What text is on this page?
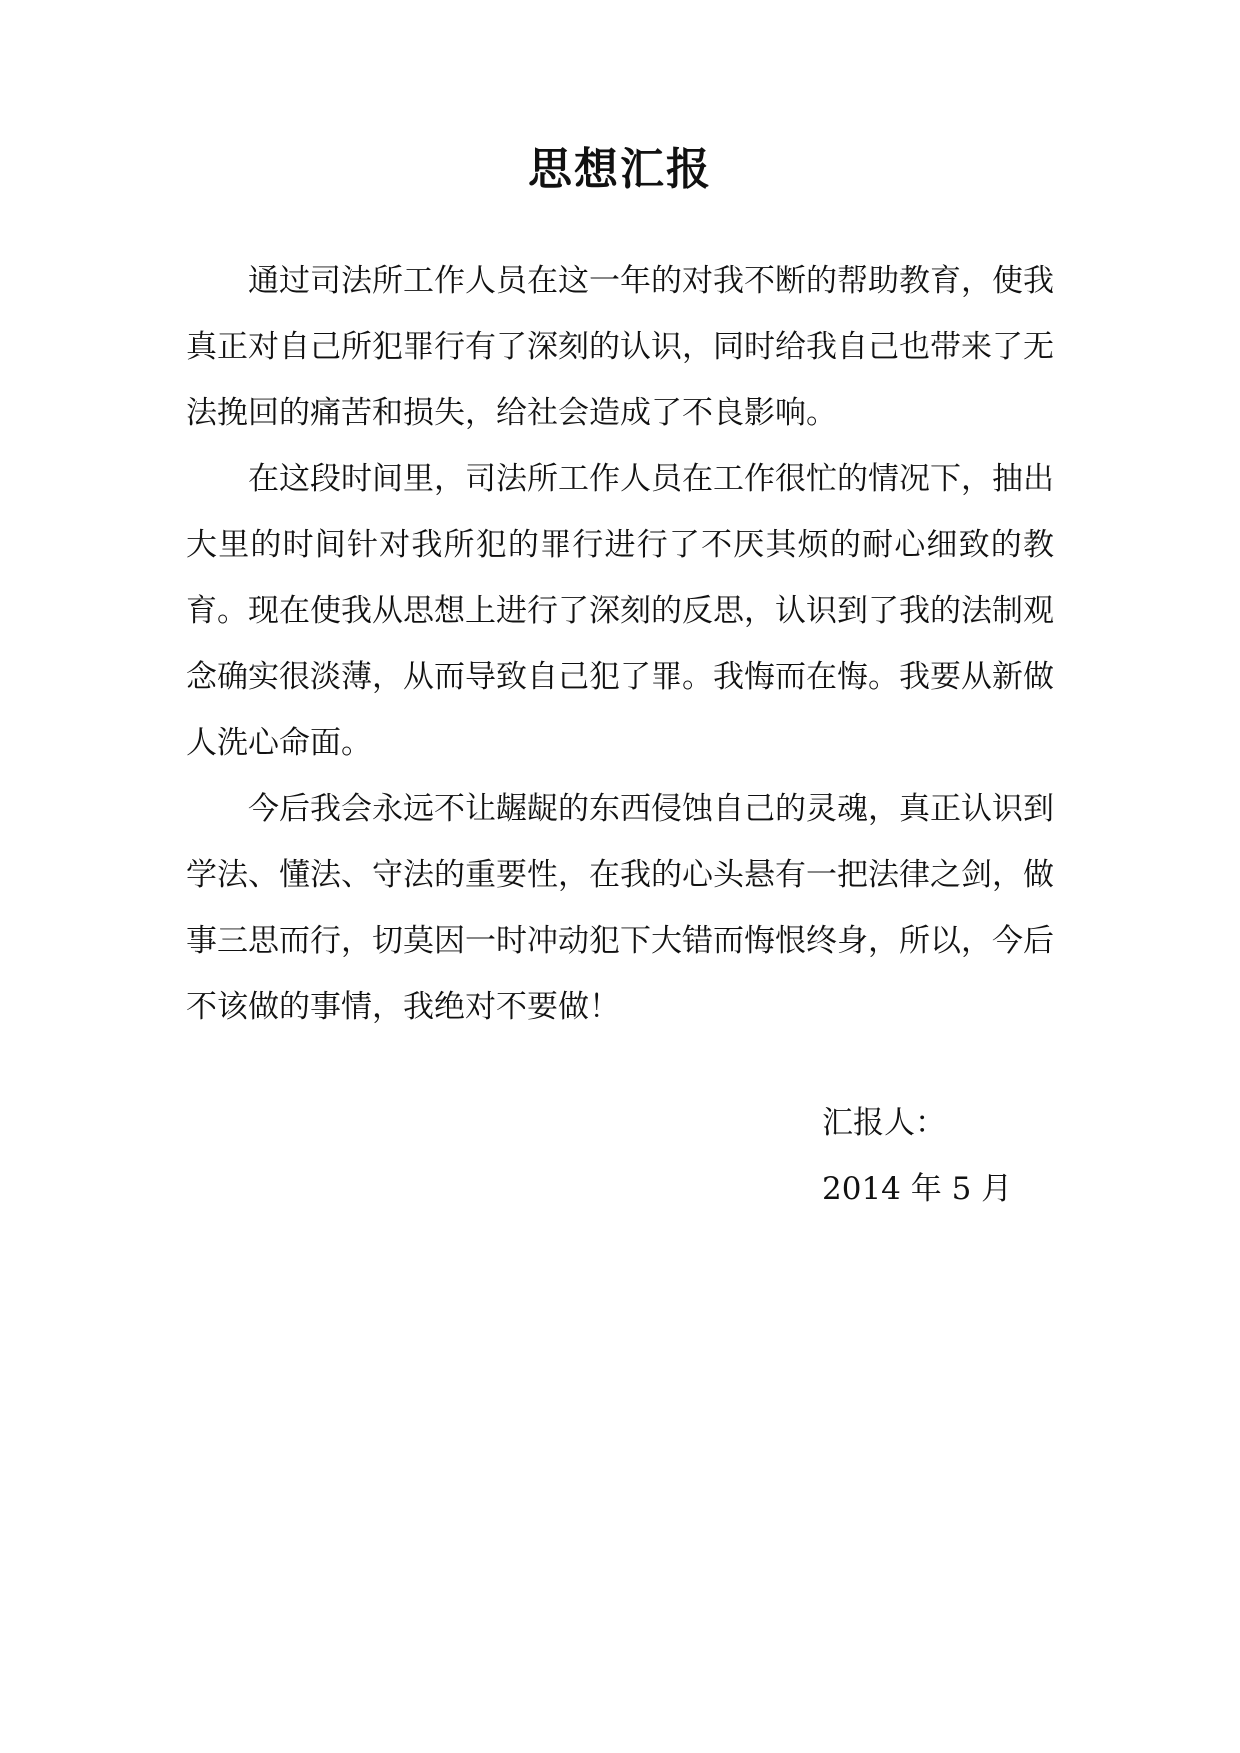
思想汇报

通过司法所工作人员在这一年的对我不断的帮助教育，使我真正对自己所犯罪行有了深刻的认识，同时给我自己也带来了无法挽回的痛苦和损失，给社会造成了不良影响。

在这段时间里，司法所工作人员在工作很忙的情况下，抽出大里的时间针对我所犯的罪行进行了不厌其烦的耐心细致的教育。现在使我从思想上进行了深刻的反思，认识到了我的法制观念确实很淡薄，从而导致自己犯了罪。我悔而在悔。我要从新做人洗心命面。

今后我会永远不让龌龊的东西侵蚀自己的灵魂，真正认识到学法、懂法、守法的重要性，在我的心头悬有一把法律之剑，做事三思而行，切莫因一时冲动犯下大错而悔恨终身，所以，今后不该做的事情，我绝对不要做！

汇报人：
2014 年 5 月
